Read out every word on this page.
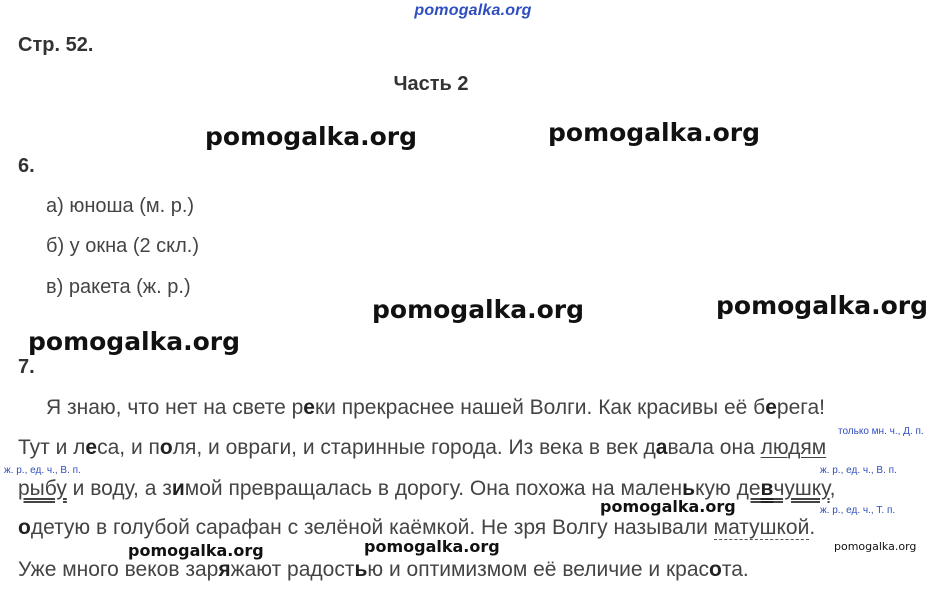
pomogalka.org
Стр. 52.
Часть 2
pomogalka.org	pomogalka.org
6.
а) юноша (м. р.)
б) у окна (2 скл.)
в) ракета (ж. р.)
pomogalka.org	pomogalka.org
pomogalka.org
7.
Я знаю, что нет на свете реки прекраснее нашей Волги. Как красивы её берега!
только мн. ч., Д. п.
Тут и леса, и поля, и овраги, и старинные города. Из века в век давала она людям
ж. р., ед. ч., В. п.	ж. р., ед. ч., В. п.
рыбу и воду, а зимой превращалась в дорогу. Она похожа на маленькую девчушку,
pomogalka.org	ж. р., ед. ч., Т. п.
одетую в голубой сарафан с зелёной каёмкой. Не зря Волгу называли матушкой.
pomogalka.org
pomogalka.org	pomogalka.org
Уже много веков заряжают радостью и оптимизмом её величие и красота.
